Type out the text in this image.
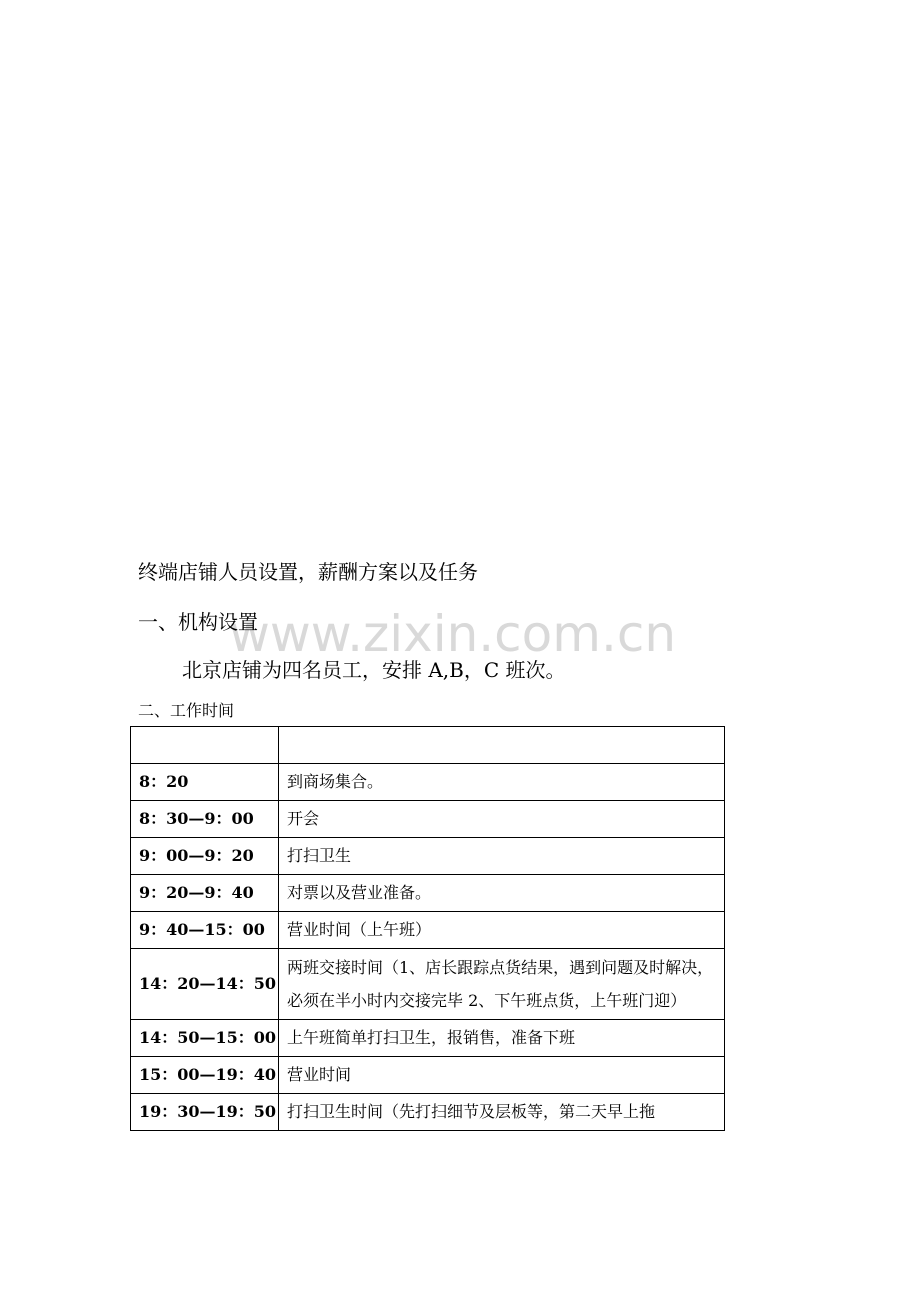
www.zixin.com.cn
终端店铺人员设置，薪酬方案以及任务
一、机构设置
北京店铺为四名员工，安排 A,B，C 班次。
二、工作时间

8：20	到商场集合。
8：30—9：00	开会
9：00—9：20	打扫卫生
9：20—9：40	对票以及营业准备。
9：40—15：00	营业时间（上午班）
14：20—14：50	两班交接时间（1、店长跟踪点货结果，遇到问题及时解决，必须在半小时内交接完毕 2、下午班点货，上午班门迎）
14：50—15：00	上午班简单打扫卫生，报销售，准备下班
15：00—19：40	营业时间
19：30—19：50	打扫卫生时间（先打扫细节及层板等，第二天早上拖
